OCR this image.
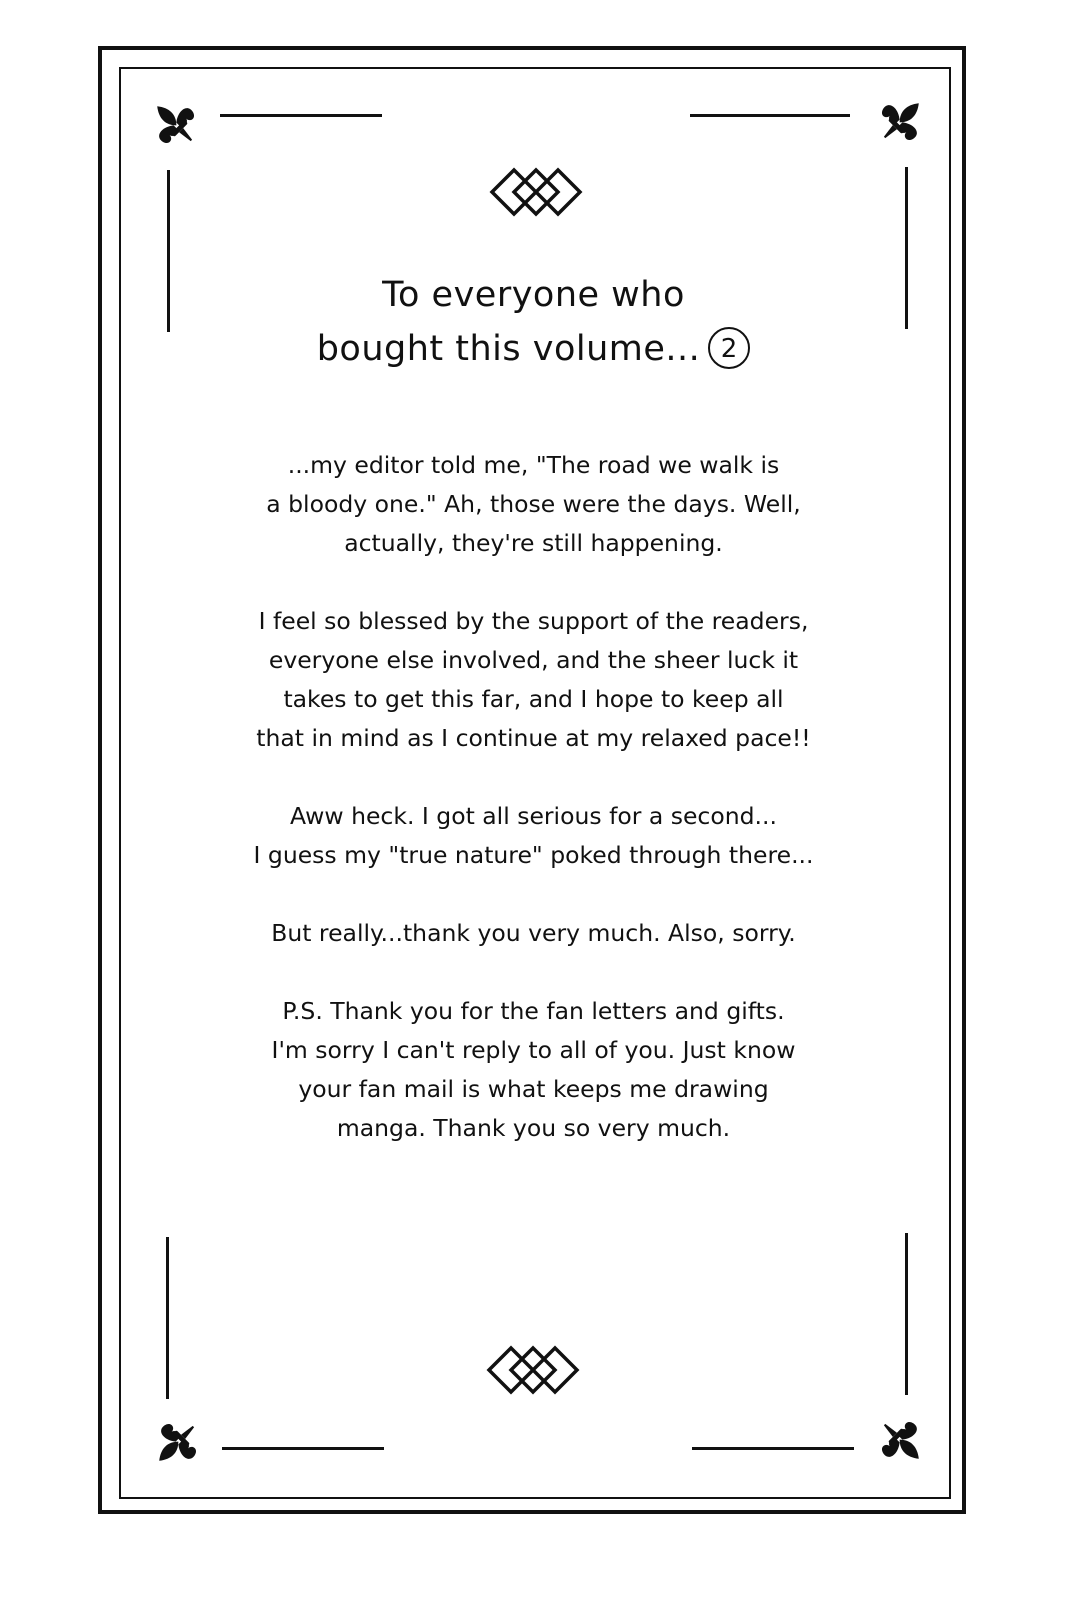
To everyone who
bought this volume... 2

...my editor told me, "The road we walk is
a bloody one." Ah, those were the days. Well,
actually, they're still happening.

I feel so blessed by the support of the readers,
everyone else involved, and the sheer luck it
takes to get this far, and I hope to keep all
that in mind as I continue at my relaxed pace!!

Aww heck. I got all serious for a second...
I guess my "true nature" poked through there...

But really...thank you very much. Also, sorry.

P.S. Thank you for the fan letters and gifts.
I'm sorry I can't reply to all of you. Just know
your fan mail is what keeps me drawing
manga. Thank you so very much.
